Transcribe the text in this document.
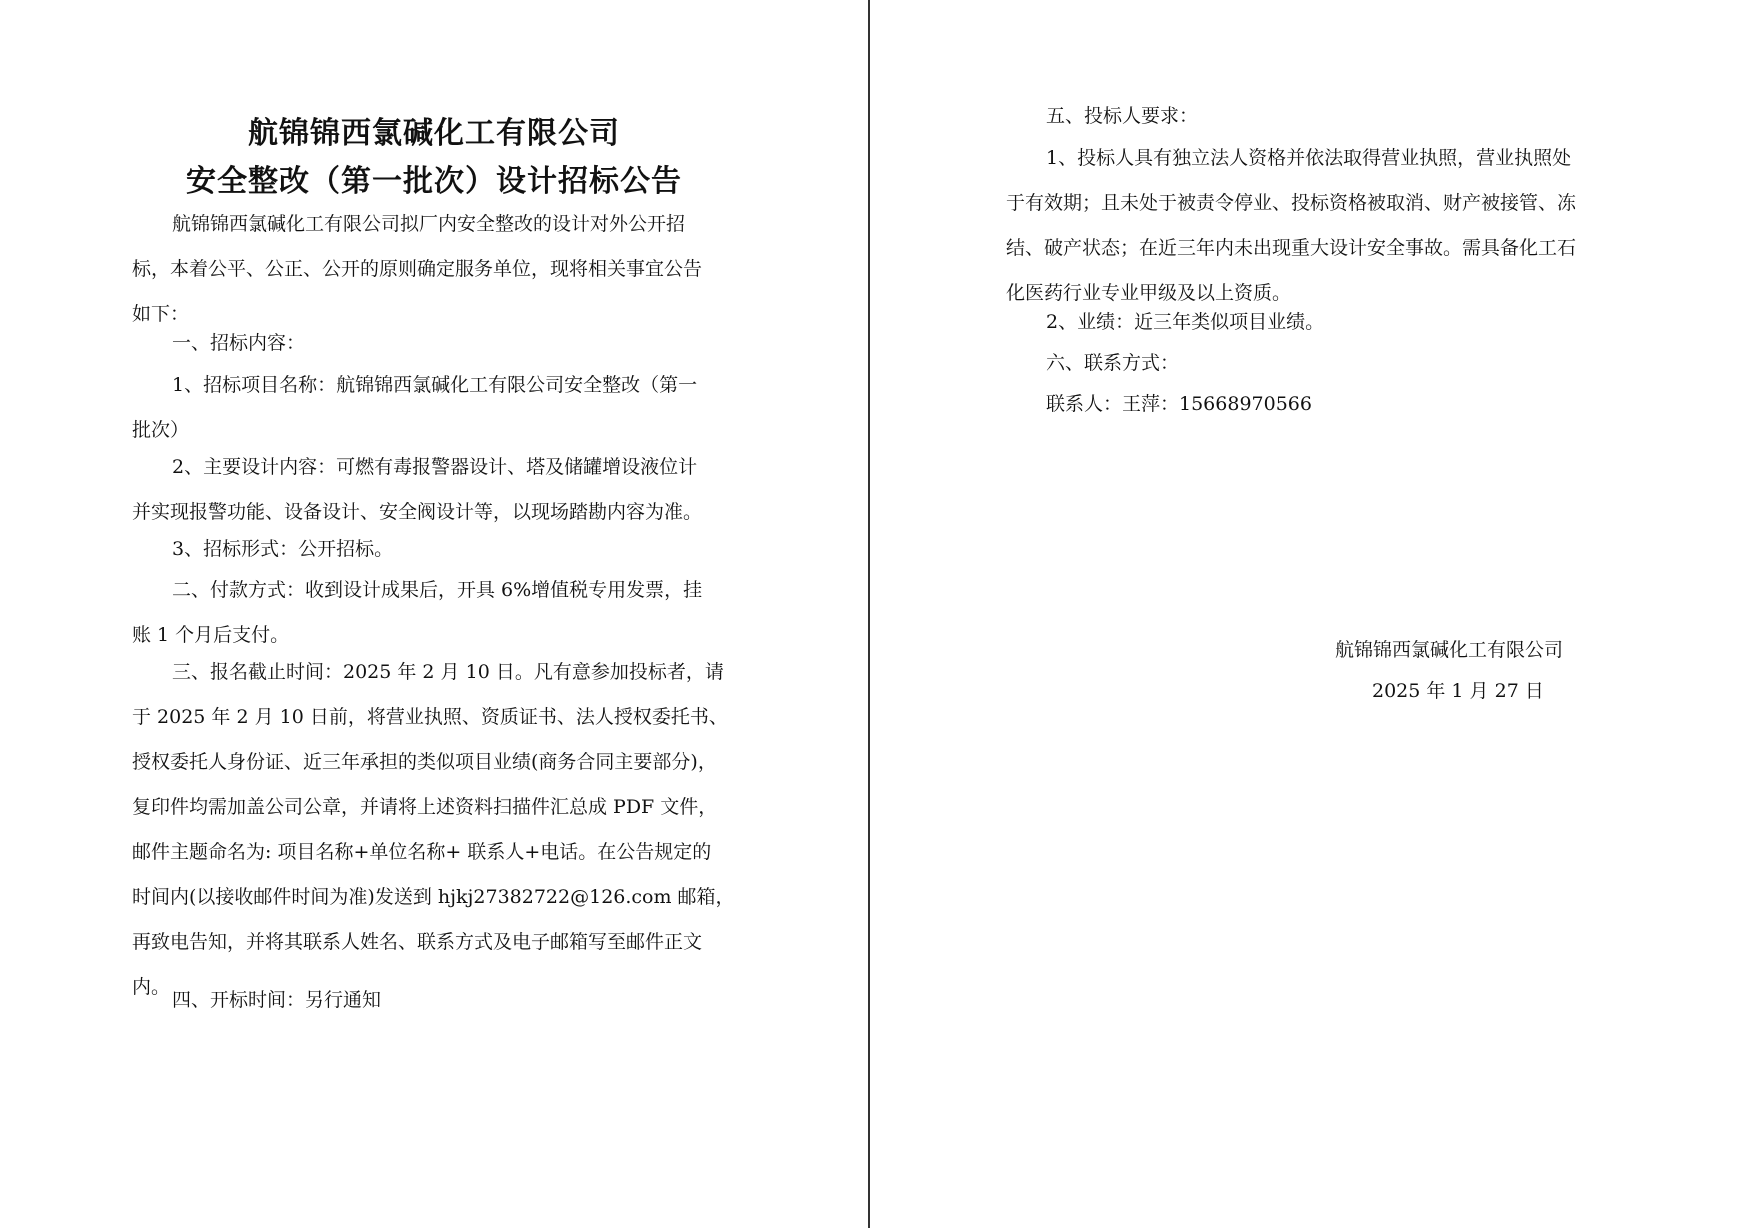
航锦锦西氯碱化工有限公司
安全整改（第一批次）设计招标公告
航锦锦西氯碱化工有限公司拟厂内安全整改的设计对外公开招
标，本着公平、公正、公开的原则确定服务单位，现将相关事宜公告
如下：
一、招标内容：
1、招标项目名称：航锦锦西氯碱化工有限公司安全整改（第一
批次）
2、主要设计内容：可燃有毒报警器设计、塔及储罐增设液位计
并实现报警功能、设备设计、安全阀设计等，以现场踏勘内容为准。
3、招标形式：公开招标。
二、付款方式：收到设计成果后，开具 6%增值税专用发票，挂
账 1 个月后支付。
三、报名截止时间：2025 年 2 月 10 日。凡有意参加投标者，请
于 2025 年 2 月 10 日前，将营业执照、资质证书、法人授权委托书、
授权委托人身份证、近三年承担的类似项目业绩(商务合同主要部分)，
复印件均需加盖公司公章，并请将上述资料扫描件汇总成 PDF 文件，
邮件主题命名为: 项目名称+单位名称+ 联系人+电话。在公告规定的
时间内(以接收邮件时间为准)发送到 hjkj27382722@126.com 邮箱，
再致电告知，并将其联系人姓名、联系方式及电子邮箱写至邮件正文
内。
四、开标时间：另行通知
五、投标人要求：
1、投标人具有独立法人资格并依法取得营业执照，营业执照处
于有效期；且未处于被责令停业、投标资格被取消、财产被接管、冻
结、破产状态；在近三年内未出现重大设计安全事故。需具备化工石
化医药行业专业甲级及以上资质。
2、业绩：近三年类似项目业绩。
六、联系方式：
联系人：王萍：15668970566
航锦锦西氯碱化工有限公司
2025 年 1 月 27 日
